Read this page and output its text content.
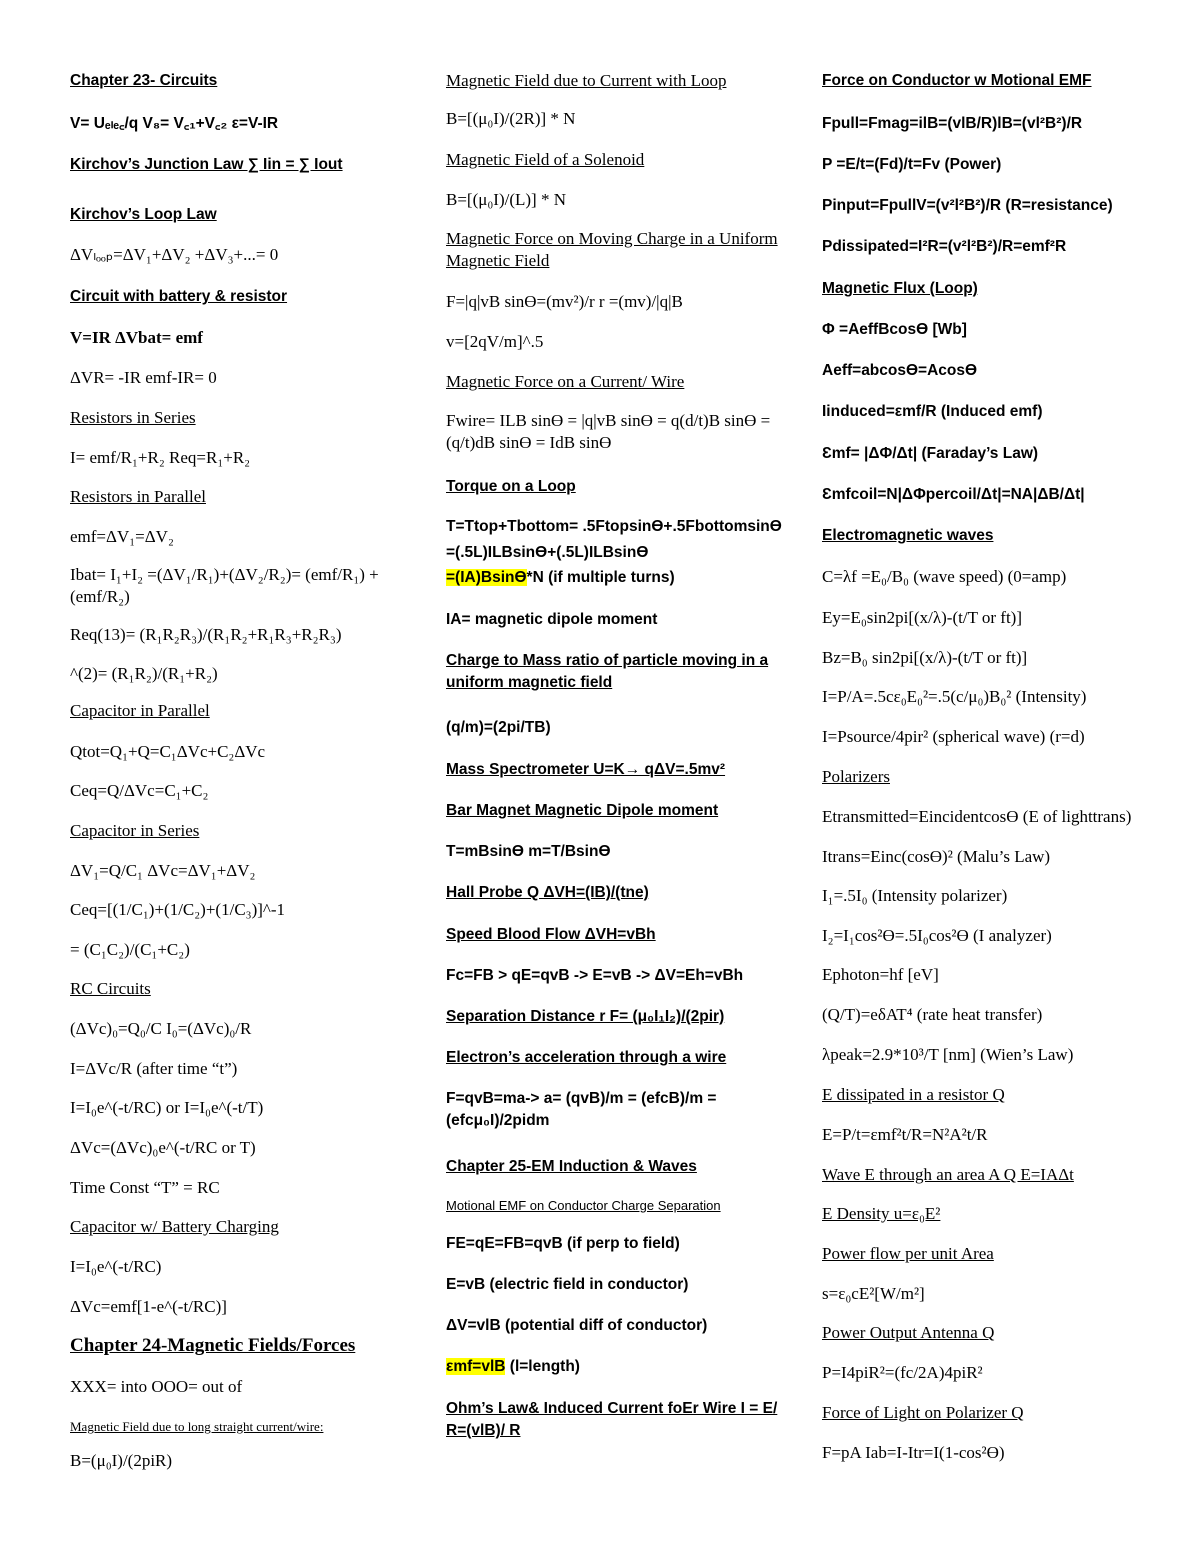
Chapter 23- Circuits
V= Uₑₗₑ꜀/q V₈= V꜀₁+V꜀₂ ε=V-IR
Kirchov’s Junction Law ∑ Iin = ∑ Iout
Kirchov’s Loop Law
ΔVₗₒₒₚ=ΔV₁+ΔV₂ +ΔV₃+...= 0
Circuit with battery & resistor
V=IR ΔVbat= emf
ΔVR= -IR emf-IR= 0
Resistors in Series
I= emf/R₁+R₂ Req=R₁+R₂
Resistors in Parallel
emf=ΔV₁=ΔV₂
Ibat= I₁+I₂ =(ΔV₁/R₁)+(ΔV₂/R₂)= (emf/R₁) + (emf/R₂)
Req(13)= (R₁R₂R₃)/(R₁R₂+R₁R₃+R₂R₃)
^(2)= (R₁R₂)/(R₁+R₂)
Capacitor in Parallel
Qtot=Q₁+Q=C₁ΔVc+C₂ΔVc
Ceq=Q/ΔVc=C₁+C₂
Capacitor in Series
ΔV₁=Q/C₁ ΔVc=ΔV₁+ΔV₂
Ceq=[(1/C₁)+(1/C₂)+(1/C₃)]^-1
= (C₁C₂)/(C₁+C₂)
RC Circuits
(ΔVc)₀=Q₀/C I₀=(ΔVc)₀/R
I=ΔVc/R (after time “t”)
I=I₀e^(-t/RC) or I=I₀e^(-t/T)
ΔVc=(ΔVc)₀e^(-t/RC or T)
Time Const “T” = RC
Capacitor w/ Battery Charging
I=I₀e^(-t/RC)
ΔVc=emf[1-e^(-t/RC)]
Chapter 24-Magnetic Fields/Forces
XXX= into OOO= out of
Magnetic Field due to long straight current/wire:
B=(μ₀I)/(2piR)
Magnetic Field due to Current with Loop
B=[(μ₀I)/(2R)] * N
Magnetic Field of a Solenoid
B=[(μ₀I)/(L)] * N
Magnetic Force on Moving Charge in a Uniform Magnetic Field
F=|q|vB sinϴ=(mv²)/r r =(mv)/|q|B
v=[2qV/m]^.5
Magnetic Force on a Current/ Wire
Fwire= ILB sinϴ = |q|vB sinϴ = q(d/t)B sinϴ =(q/t)dB sinϴ = IdB sinϴ
Torque on a Loop
T=Ttop+Tbottom= .5Ftopsinϴ+.5Fbottomsinϴ
=(.5L)ILBsinϴ+(.5L)ILBsinϴ
=(IA)Bsinϴ*N (if multiple turns)
IA= magnetic dipole moment
Charge to Mass ratio of particle moving in a uniform magnetic field
(q/m)=(2pi/TB)
Mass Spectrometer U=K→ qΔV=.5mv²
Bar Magnet Magnetic Dipole moment
T=mBsinϴ m=T/Bsinϴ
Hall Probe Q ΔVH=(IB)/(tne)
Speed Blood Flow ΔVH=vBh
Fc=FB > qE=qvB -> E=vB -> ΔV=Eh=vBh
Separation Distance r F= (μ₀I₁I₂)/(2pir)
Electron’s acceleration through a wire
F=qvB=ma-> a= (qvB)/m = (efcB)/m = (efcμ₀I)/2pidm
Chapter 25-EM Induction & Waves
Motional EMF on Conductor Charge Separation
FE=qE=FB=qvB (if perp to field)
E=vB (electric field in conductor)
ΔV=vlB (potential diff of conductor)
εmf=vlB (l=length)
Ohm’s Law& Induced Current foEr Wire I = E/ R=(vlB)/ R
Force on Conductor w Motional EMF
Fpull=Fmag=ilB=(vlB/R)lB=(vl²B²)/R
P =E/t=(Fd)/t=Fv (Power)
Pinput=FpullV=(v²l²B²)/R (R=resistance)
Pdissipated=I²R=(v²l²B²)/R=emf²R
Magnetic Flux (Loop)
Φ =AeffBcosϴ [Wb]
Aeff=abcosϴ=Acosϴ
Iinduced=εmf/R (Induced emf)
Ɛmf= |ΔΦ/Δt| (Faraday’s Law)
Ɛmfcoil=N|ΔΦpercoil/Δt|=NA|ΔB/Δt|
Electromagnetic waves
C=λf =E₀/B₀ (wave speed) (0=amp)
Ey=E₀sin2pi[(x/λ)-(t/T or ft)]
Bz=B₀ sin2pi[(x/λ)-(t/T or ft)]
I=P/A=.5cε₀E₀²=.5(c/μ₀)B₀² (Intensity)
I=Psource/4pir² (spherical wave) (r=d)
Polarizers
Etransmitted=Eincidentcosϴ (E of lighttrans)
Itrans=Einc(cosϴ)² (Malu’s Law)
I₁=.5I₀ (Intensity polarizer)
I₂=I₁cos²ϴ=.5I₀cos²ϴ (I analyzer)
Ephoton=hf [eV]
(Q/T)=eδAT⁴ (rate heat transfer)
λpeak=2.9*10³/T [nm] (Wien’s Law)
E dissipated in a resistor Q
E=P/t=εmf²t/R=N²A²t/R
Wave E through an area A Q E=IAΔt
E Density u=ε₀E²
Power flow per unit Area
s=ε₀cE²[W/m²]
Power Output Antenna Q
P=I4piR²=(fc/2A)4piR²
Force of Light on Polarizer Q
F=pA Iab=I-Itr=I(1-cos²ϴ)
